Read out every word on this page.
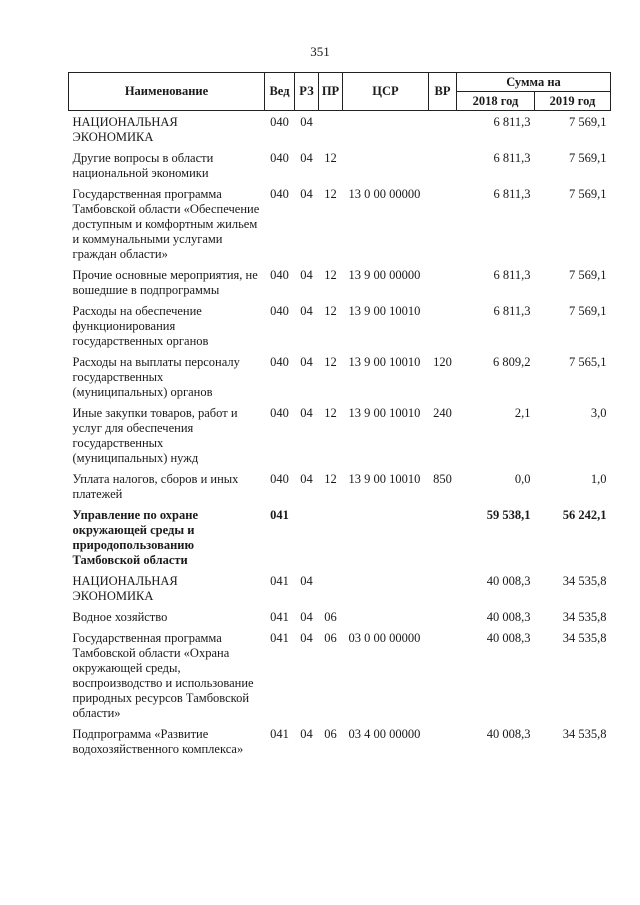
351
Наименование	Вед	РЗ	ПР	ЦСР	ВР	Сумма на	
						2018 год	2019 год
НАЦИОНАЛЬНАЯ ЭКОНОМИКА	040	04				6 811,3	7 569,1
Другие вопросы в области национальной экономики	040	04	12			6 811,3	7 569,1
Государственная программа Тамбовской области «Обеспечение доступным и комфортным жильем и коммунальными услугами граждан области»	040	04	12	13 0 00 00000		6 811,3	7 569,1
Прочие основные мероприятия, не вошедшие в подпрограммы	040	04	12	13 9 00 00000		6 811,3	7 569,1
Расходы на обеспечение функционирования государственных органов	040	04	12	13 9 00 10010		6 811,3	7 569,1
Расходы на выплаты персоналу государственных (муниципальных) органов	040	04	12	13 9 00 10010	120	6 809,2	7 565,1
Иные закупки товаров, работ и услуг для обеспечения государственных (муниципальных) нужд	040	04	12	13 9 00 10010	240	2,1	3,0
Уплата налогов, сборов и иных платежей	040	04	12	13 9 00 10010	850	0,0	1,0
Управление по охране окружающей среды и природопользованию Тамбовской области	041					59 538,1	56 242,1
НАЦИОНАЛЬНАЯ ЭКОНОМИКА	041	04				40 008,3	34 535,8
Водное хозяйство	041	04	06			40 008,3	34 535,8
Государственная программа Тамбовской области «Охрана окружающей среды, воспроизводство и использование природных ресурсов Тамбовской области»	041	04	06	03 0 00 00000		40 008,3	34 535,8
Подпрограмма «Развитие водохозяйственного комплекса»	041	04	06	03 4 00 00000		40 008,3	34 535,8
